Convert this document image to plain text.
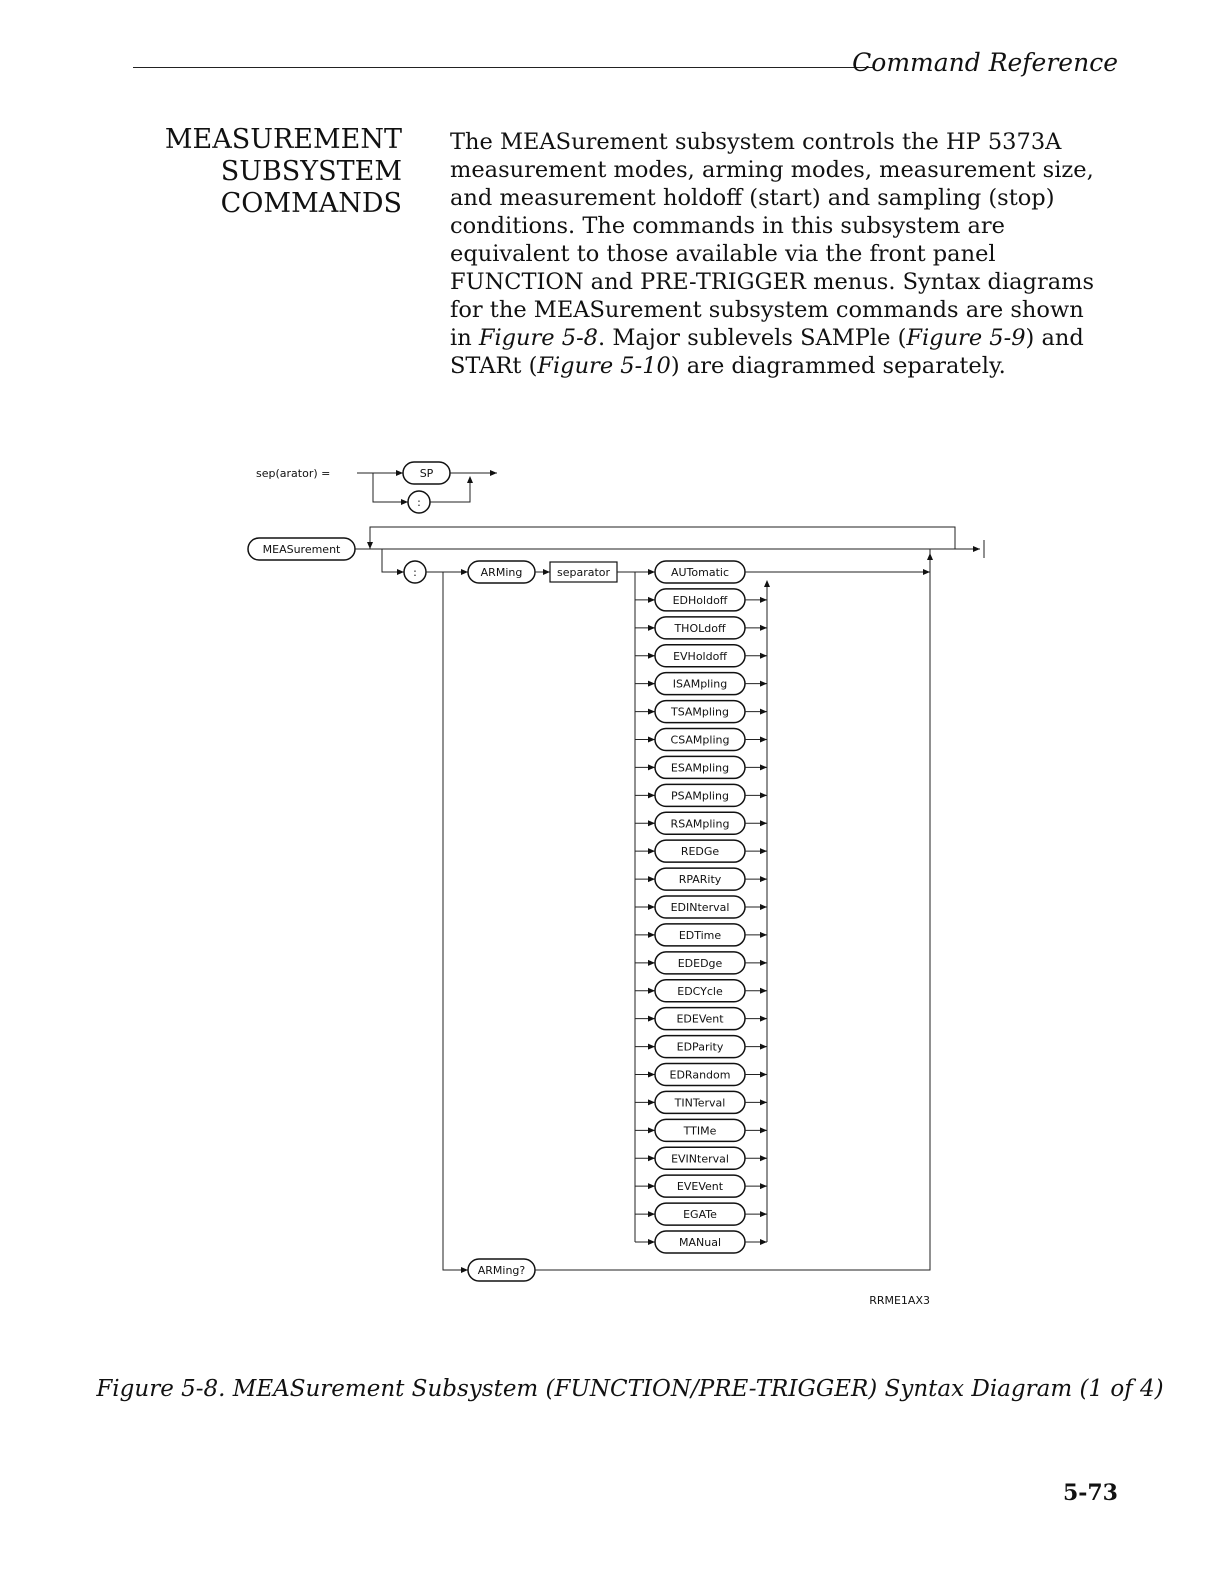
Command Reference
MEASUREMENT
SUBSYSTEM
COMMANDS
The MEASurement subsystem controls the HP 5373A measurement modes, arming modes, measurement size, and measurement holdoff (start) and sampling (stop) conditions. The commands in this subsystem are equivalent to those available via the front panel FUNCTION and PRE-TRIGGER menus. Syntax diagrams for the MEASurement subsystem commands are shown in Figure 5-8. Major sublevels SAMPle (Figure 5-9) and STARt (Figure 5-10) are diagrammed separately.
sep(arator) =	SP
:
MEASurement
:	ARMing	separator
ARMing?
AUTomatic
EDHoldoff
THOLdoff
EVHoldoff
ISAMpling
TSAMpling
CSAMpling
ESAMpling
PSAMpling
RSAMpling
REDGe
RPARity
EDINterval
EDTime
EDEDge
EDCYcle
EDEVent
EDParity
EDRandom
TINTerval
TTIMe
EVINterval
EVEVent
EGATe
MANual
RRME1AX3
Figure 5-8. MEASurement Subsystem (FUNCTION/PRE-TRIGGER) Syntax Diagram (1 of 4)
5-73
